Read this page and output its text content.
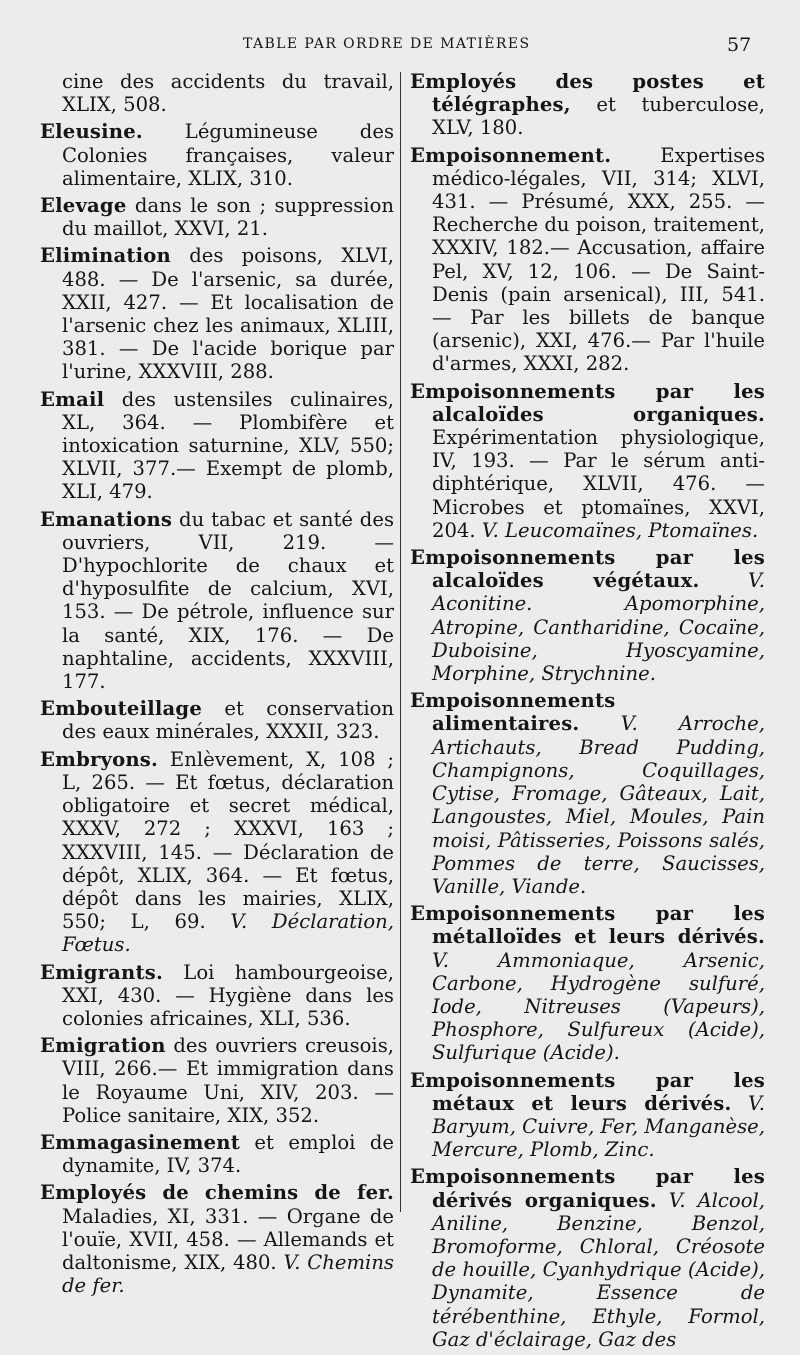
TABLE PAR ORDRE DE MATIÈRES	57

cine des accidents du travail, XLIX, 508.

Eleusine. Légumineuse des Colonies françaises, valeur alimentaire, XLIX, 310.

Elevage dans le son ; suppression du maillot, XXVI, 21.

Elimination des poisons, XLVI, 488. — De l'arsenic, sa durée, XXII, 427. — Et localisation de l'arsenic chez les animaux, XLIII, 381. — De l'acide borique par l'urine, XXXVIII, 288.

Email des ustensiles culinaires, XL, 364. — Plombifère et intoxication saturnine, XLV, 550; XLVII, 377.— Exempt de plomb, XLI, 479.

Emanations du tabac et santé des ouvriers, VII, 219. — D'hypochlorite de chaux et d'hyposulfite de calcium, XVI, 153. — De pétrole, influence sur la santé, XIX, 176. — De naphtaline, accidents, XXXVIII, 177.

Embouteillage et conservation des eaux minérales, XXXII, 323.

Embryons. Enlèvement, X, 108 ; L, 265. — Et fœtus, déclaration obligatoire et secret médical, XXXV, 272 ; XXXVI, 163 ; XXXVIII, 145. — Déclaration de dépôt, XLIX, 364. — Et fœtus, dépôt dans les mairies, XLIX, 550; L, 69. V. Déclaration, Fœtus.

Emigrants. Loi hambourgeoise, XXI, 430. — Hygiène dans les colonies africaines, XLI, 536.

Emigration des ouvriers creusois, VIII, 266.— Et immigration dans le Royaume Uni, XIV, 203. — Police sanitaire, XIX, 352.

Emmagasinement et emploi de dynamite, IV, 374.

Employés de chemins de fer. Maladies, XI, 331. — Organe de l'ouïe, XVII, 458. — Allemands et daltonisme, XIX, 480. V. Chemins de fer.

Employés des postes et télégraphes, et tuberculose, XLV, 180.

Empoisonnement. Expertises médico-légales, VII, 314; XLVI, 431. — Présumé, XXX, 255. — Recherche du poison, traitement, XXXIV, 182.— Accusation, affaire Pel, XV, 12, 106. — De Saint-Denis (pain arsenical), III, 541. — Par les billets de banque (arsenic), XXI, 476.— Par l'huile d'armes, XXXI, 282.

Empoisonnements par les alcaloïdes organiques. Expérimentation physiologique, IV, 193. — Par le sérum anti-diphtérique, XLVII, 476. — Microbes et ptomaïnes, XXVI, 204. V. Leucomaïnes, Ptomaïnes.

Empoisonnements par les alcaloïdes végétaux. V. Aconitine. Apomorphine, Atropine, Cantharidine, Cocaïne, Duboisine, Hyoscyamine, Morphine, Strychnine.

Empoisonnements alimentaires. V. Arroche, Artichauts, Bread Pudding, Champignons, Coquillages, Cytise, Fromage, Gâteaux, Lait, Langoustes, Miel, Moules, Pain moisi, Pâtisseries, Poissons salés, Pommes de terre, Saucisses, Vanille, Viande.

Empoisonnements par les métalloïdes et leurs dérivés. V. Ammoniaque, Arsenic, Carbone, Hydrogène sulfuré, Iode, Nitreuses (Vapeurs), Phosphore, Sulfureux (Acide), Sulfurique (Acide).

Empoisonnements par les métaux et leurs dérivés. V. Baryum, Cuivre, Fer, Manganèse, Mercure, Plomb, Zinc.

Empoisonnements par les dérivés organiques. V. Alcool, Aniline, Benzine, Benzol, Bromoforme, Chloral, Créosote de houille, Cyanhydrique (Acide), Dynamite, Essence de térébenthine, Ethyle, Formol, Gaz d'éclairage, Gaz des
